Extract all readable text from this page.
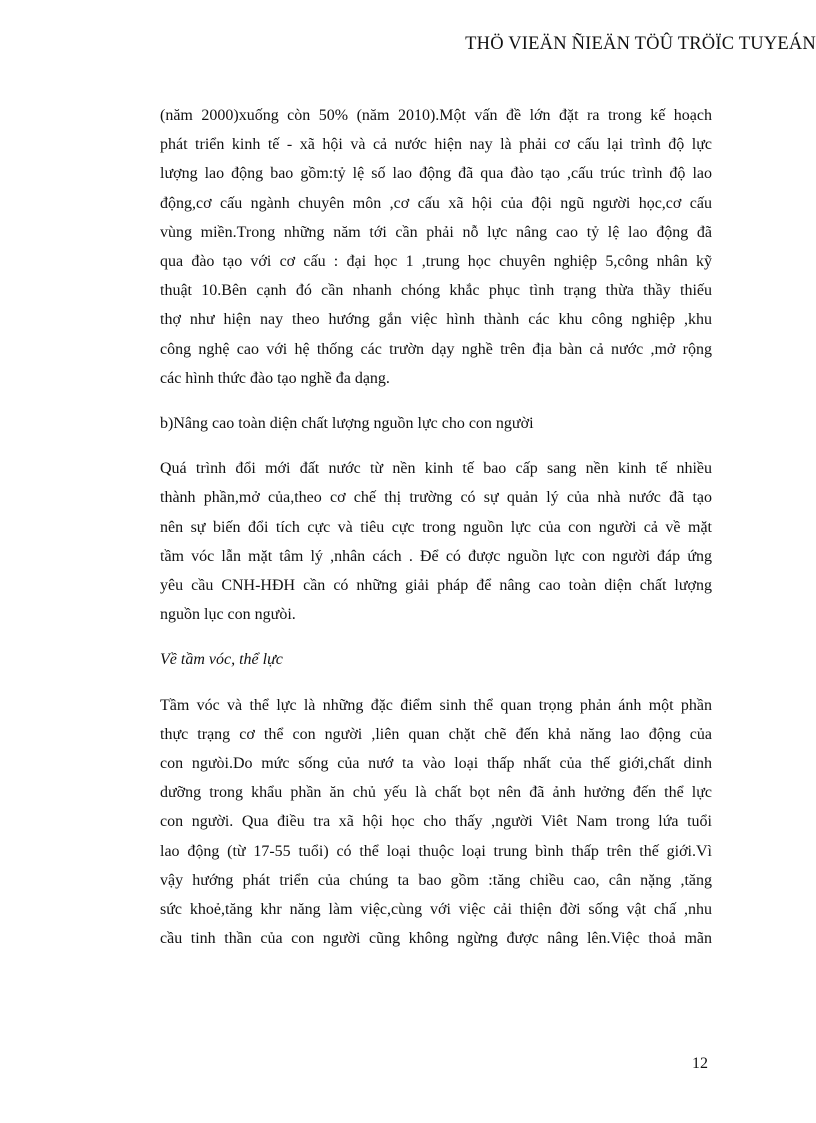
THÖ VIEÄN ÑIEÄN TÖÛ TRÖÏC TUYEÁN

(năm 2000)xuống còn 50% (năm 2010).Một vấn đề lớn đặt ra trong kế hoạch
phát triển kinh tế - xã hội và cả nước hiện nay là phải cơ cấu lại trình độ lực
lượng lao động bao gồm:tỷ lệ số lao động đã qua đào tạo ,cấu trúc trình độ lao
động,cơ cấu ngành chuyên môn ,cơ cấu xã hội của đội ngũ người học,cơ cấu
vùng miền.Trong những năm tới cần phải nỗ lực nâng cao tỷ lệ lao động đã
qua đào tạo với cơ cấu : đại học 1 ,trung học chuyên nghiệp 5,công nhân kỹ
thuật 10.Bên cạnh đó cần nhanh chóng khắc phục tình trạng thừa thầy thiếu
thợ như hiện nay theo hướng gắn việc hình thành các khu công nghiệp ,khu
công nghệ cao với hệ thống các trườn dạy nghề trên địa bàn cả nước ,mở rộng
các hình thức đào tạo nghề đa dạng.

b)Nâng cao toàn diện chất lượng nguồn lực cho con người

Quá trình đổi mới đất nước từ nền kinh tế bao cấp sang nền kinh tế nhiều
thành phần,mở của,theo cơ chế thị trường có sự quản lý của nhà nước đã tạo
nên sự biến đổi tích cực và tiêu cực trong nguồn lực của con người cả về mặt
tầm vóc lẫn mặt tâm lý ,nhân cách . Để có được nguồn lực con người đáp ứng
yêu cầu CNH-HĐH cần có những giải pháp để nâng cao toàn diện chất lượng
nguồn lục con ngưòi.

Về tầm vóc, thể lực

Tầm vóc và thể lực là những đặc điểm sinh thể quan trọng phản ánh một phần
thực trạng cơ thể con người ,liên quan chặt chẽ đến khả năng lao động của
con ngưòi.Do mức sống của nướ ta vào loại thấp nhất của thế giới,chất dinh
dưỡng trong khẩu phần ăn chủ yếu là chất bọt nên đã ảnh hưởng đến thể lực
con người. Qua điều tra xã hội học cho thấy ,người Viêt Nam trong lứa tuổi
lao động (từ 17-55 tuổi) có thể loại thuộc loại trung bình thấp trên thế giới.Vì
vậy hướng phát triển của chúng ta bao gồm :tăng chiều cao, cân nặng ,tăng
sức khoẻ,tăng khr năng làm việc,cùng với việc cải thiện đời sống vật chấ ,nhu
cầu tinh thần của con người cũng không ngừng được nâng lên.Việc thoả mãn

12
